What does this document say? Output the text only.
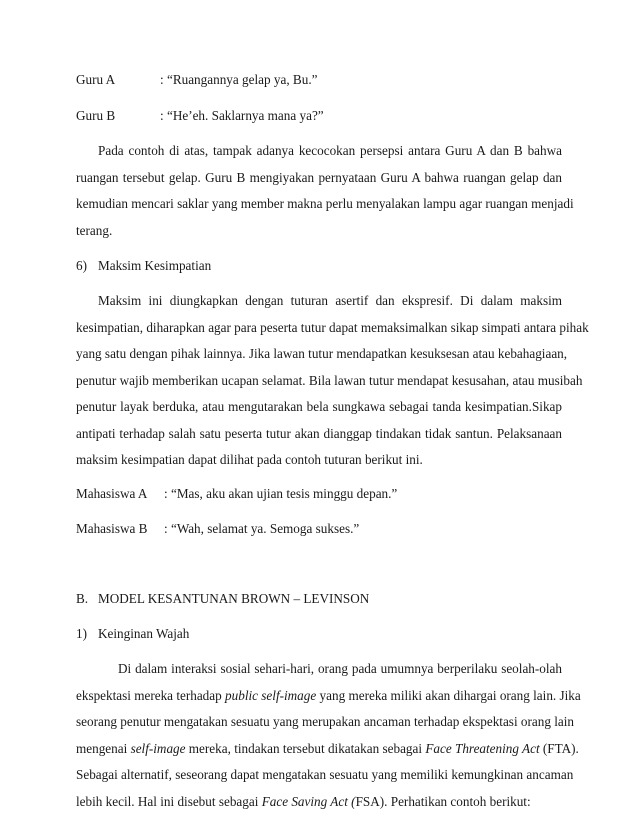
Guru A	: “Ruangannya gelap ya, Bu.”
Guru B	: “He’eh. Saklarnya mana ya?”
Pada contoh di atas, tampak adanya kecocokan persepsi antara Guru A dan B bahwa
ruangan tersebut gelap. Guru B mengiyakan pernyataan Guru A bahwa ruangan gelap dan
kemudian mencari saklar yang member makna perlu menyalakan lampu agar ruangan menjadi
terang.
6) Maksim Kesimpatian
Maksim ini diungkapkan dengan tuturan asertif dan ekspresif. Di dalam maksim
kesimpatian, diharapkan agar para peserta tutur dapat memaksimalkan sikap simpati antara pihak
yang satu dengan pihak lainnya. Jika lawan tutur mendapatkan kesuksesan atau kebahagiaan,
penutur wajib memberikan ucapan selamat. Bila lawan tutur mendapat kesusahan, atau musibah
penutur layak berduka, atau mengutarakan bela sungkawa sebagai tanda kesimpatian.Sikap
antipati terhadap salah satu peserta tutur akan dianggap tindakan tidak santun. Pelaksanaan
maksim kesimpatian dapat dilihat pada contoh tuturan berikut ini.
Mahasiswa A : “Mas, aku akan ujian tesis minggu depan.”
Mahasiswa B : “Wah, selamat ya. Semoga sukses.”
B. MODEL KESANTUNAN BROWN – LEVINSON
1) Keinginan Wajah
Di dalam interaksi sosial sehari-hari, orang pada umumnya berperilaku seolah-olah
ekspektasi mereka terhadap public self-image yang mereka miliki akan dihargai orang lain. Jika
seorang penutur mengatakan sesuatu yang merupakan ancaman terhadap ekspektasi orang lain
mengenai self-image mereka, tindakan tersebut dikatakan sebagai Face Threatening Act (FTA).
Sebagai alternatif, seseorang dapat mengatakan sesuatu yang memiliki kemungkinan ancaman
lebih kecil. Hal ini disebut sebagai Face Saving Act (FSA). Perhatikan contoh berikut:
